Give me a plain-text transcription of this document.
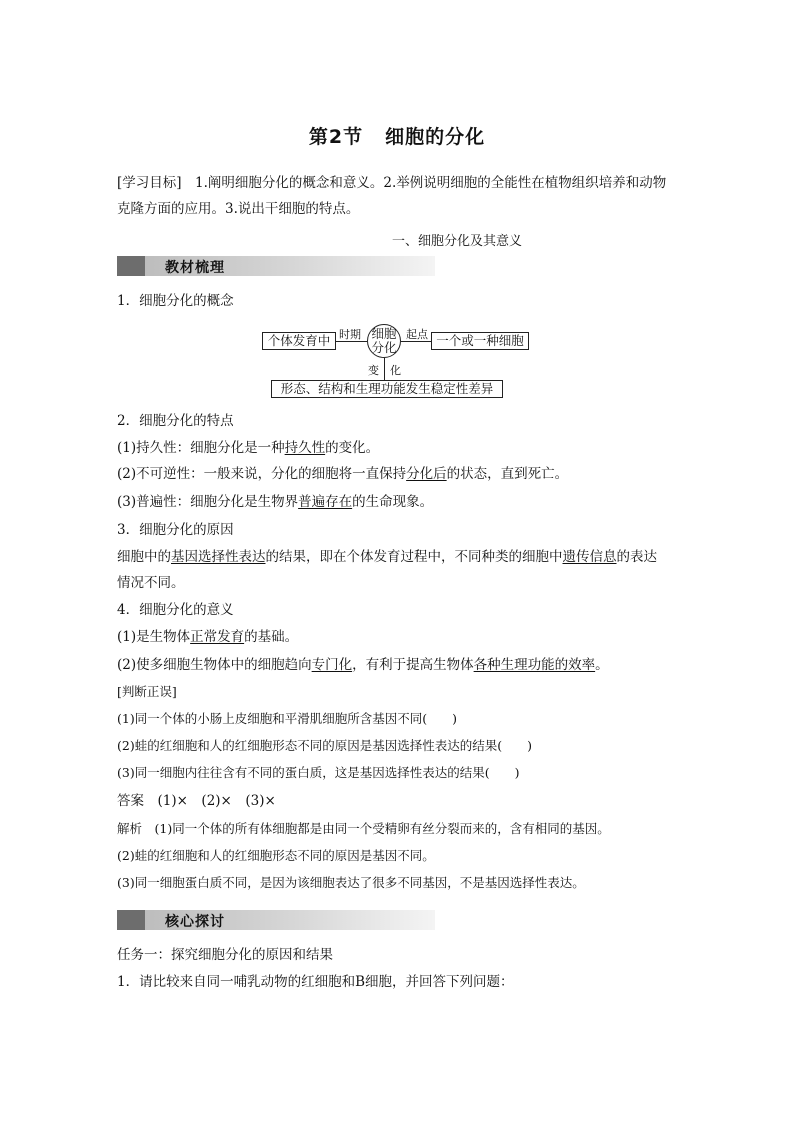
第2节 细胞的分化
[学习目标]　1.阐明细胞分化的概念和意义。2.举例说明细胞的全能性在植物组织培养和动物
克隆方面的应用。3.说出干细胞的特点。
一、细胞分化及其意义
教材梳理
1．细胞分化的概念
个体发育中 时期 细胞
分化
起点 一个或一种细胞
变 化
形态、结构和生理功能发生稳定性差异
2．细胞分化的特点
(1)持久性：细胞分化是一种持久性的变化。
(2)不可逆性：一般来说，分化的细胞将一直保持分化后的状态，直到死亡。
(3)普遍性：细胞分化是生物界普遍存在的生命现象。
3．细胞分化的原因
细胞中的基因选择性表达的结果，即在个体发育过程中，不同种类的细胞中遗传信息的表达
情况不同。
4．细胞分化的意义
(1)是生物体正常发育的基础。
(2)使多细胞生物体中的细胞趋向专门化，有利于提高生物体各种生理功能的效率。
[判断正误]
(1)同一个体的小肠上皮细胞和平滑肌细胞所含基因不同(　　)
(2)蛙的红细胞和人的红细胞形态不同的原因是基因选择性表达的结果(　　)
(3)同一细胞内往往含有不同的蛋白质，这是基因选择性表达的结果(　　)
答案　(1)×　(2)×　(3)×
解析　(1)同一个体的所有体细胞都是由同一个受精卵有丝分裂而来的，含有相同的基因。
(2)蛙的红细胞和人的红细胞形态不同的原因是基因不同。
(3)同一细胞蛋白质不同，是因为该细胞表达了很多不同基因，不是基因选择性表达。
核心探讨
任务一：探究细胞分化的原因和结果
1．请比较来自同一哺乳动物的红细胞和B细胞，并回答下列问题：
